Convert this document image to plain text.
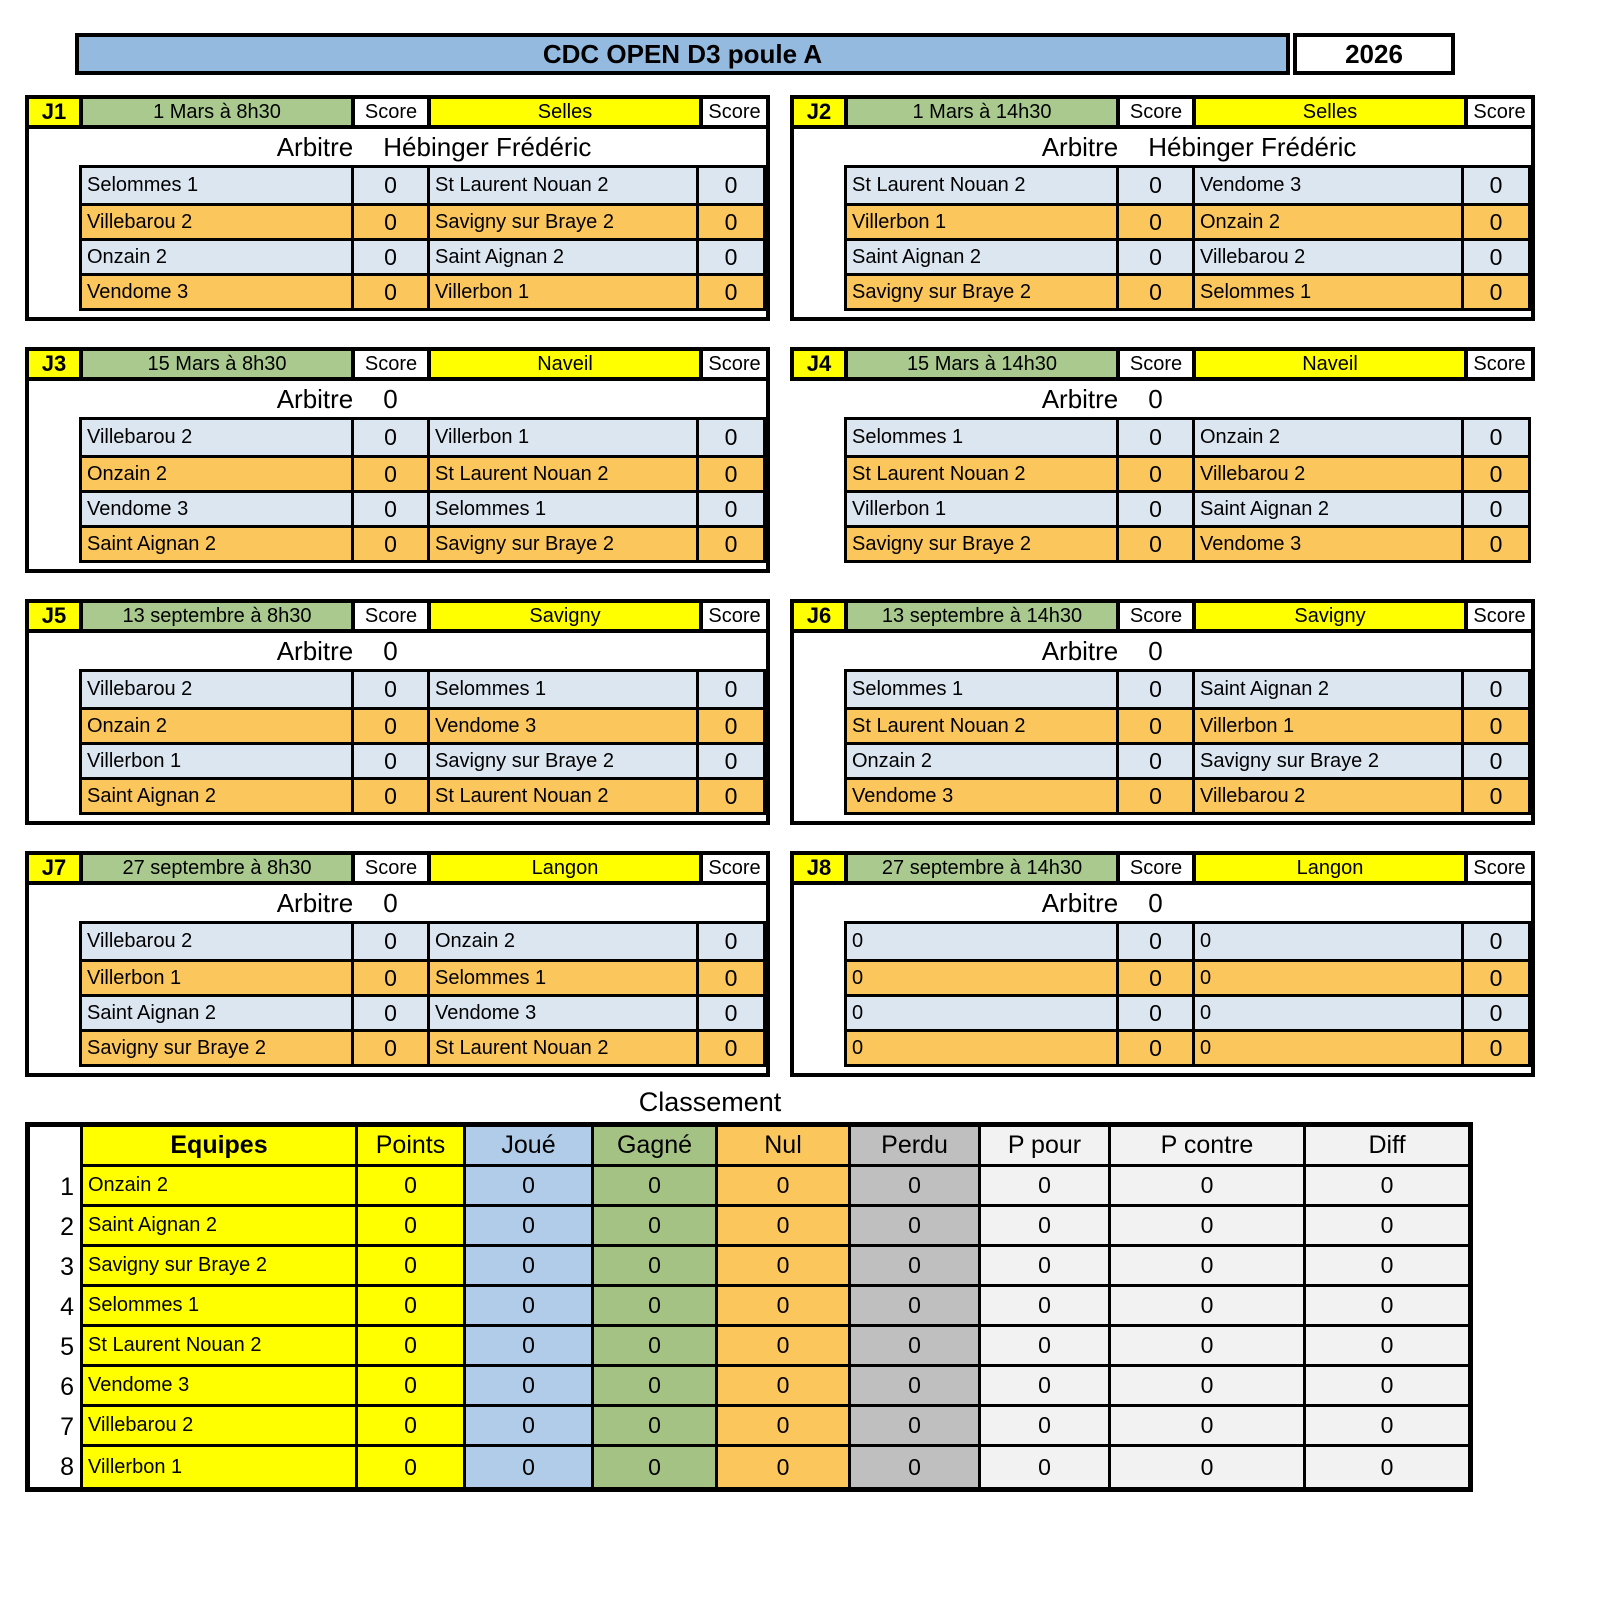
CDC OPEN D3 poule A	2026
J1	1 Mars à 8h30	Score	Selles	Score
Arbitre	Hébinger Frédéric
Selommes 1	0	St Laurent Nouan 2	0
Villebarou 2	0	Savigny sur Braye 2	0
Onzain 2	0	Saint Aignan 2	0
Vendome 3	0	Villerbon 1	0
J2	1 Mars à 14h30	Score	Selles	Score
Arbitre	Hébinger Frédéric
St Laurent Nouan 2	0	Vendome 3	0
Villerbon 1	0	Onzain 2	0
Saint Aignan 2	0	Villebarou 2	0
Savigny sur Braye 2	0	Selommes 1	0
J3	15 Mars à 8h30	Score	Naveil	Score
Arbitre	0
Villebarou 2	0	Villerbon 1	0
Onzain 2	0	St Laurent Nouan 2	0
Vendome 3	0	Selommes 1	0
Saint Aignan 2	0	Savigny sur Braye 2	0
J4	15 Mars à 14h30	Score	Naveil	Score
Arbitre	0
Selommes 1	0	Onzain 2	0
St Laurent Nouan 2	0	Villebarou 2	0
Villerbon 1	0	Saint Aignan 2	0
Savigny sur Braye 2	0	Vendome 3	0
J5	13 septembre à 8h30	Score	Savigny	Score
Arbitre	0
Villebarou 2	0	Selommes 1	0
Onzain 2	0	Vendome 3	0
Villerbon 1	0	Savigny sur Braye 2	0
Saint Aignan 2	0	St Laurent Nouan 2	0
J6	13 septembre à 14h30	Score	Savigny	Score
Arbitre	0
Selommes 1	0	Saint Aignan 2	0
St Laurent Nouan 2	0	Villerbon 1	0
Onzain 2	0	Savigny sur Braye 2	0
Vendome 3	0	Villebarou 2	0
J7	27 septembre à 8h30	Score	Langon	Score
Arbitre	0
Villebarou 2	0	Onzain 2	0
Villerbon 1	0	Selommes 1	0
Saint Aignan 2	0	Vendome 3	0
Savigny sur Braye 2	0	St Laurent Nouan 2	0
J8	27 septembre à 14h30	Score	Langon	Score
Arbitre	0
0	0	0	0
0	0	0	0
0	0	0	0
0	0	0	0
Classement
Equipes	Points	Joué	Gagné	Nul	Perdu	P pour	P contre	Diff
1 Onzain 2	0	0	0	0	0	0	0	0
2 Saint Aignan 2	0	0	0	0	0	0	0	0
3 Savigny sur Braye 2	0	0	0	0	0	0	0	0
4 Selommes 1	0	0	0	0	0	0	0	0
5 St Laurent Nouan 2	0	0	0	0	0	0	0	0
6 Vendome 3	0	0	0	0	0	0	0	0
7 Villebarou 2	0	0	0	0	0	0	0	0
8 Villerbon 1	0	0	0	0	0	0	0	0
